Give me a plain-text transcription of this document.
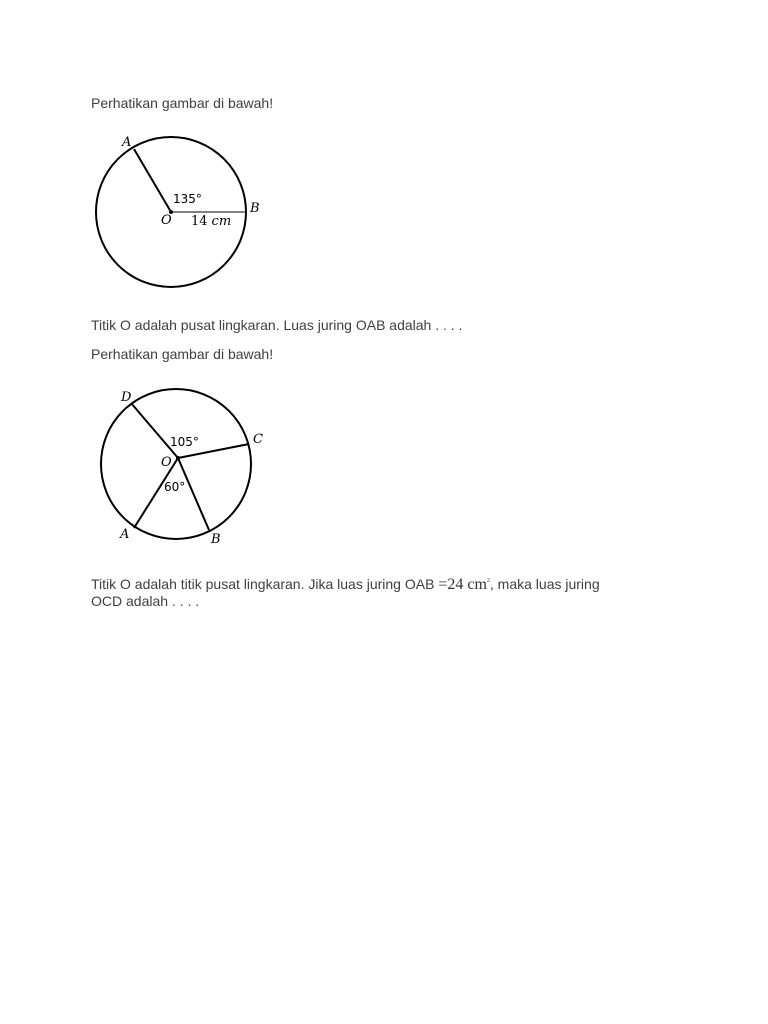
Perhatikan gambar di bawah!

A
B
O
135°
14 cm

Titik O adalah pusat lingkaran. Luas juring OAB adalah . . . .

Perhatikan gambar di bawah!

D
C
O
A	B
105°
60°

Titik O adalah titik pusat lingkaran. Jika luas juring OAB =24 $cm^2$, maka luas juring

OCD adalah . . . .
